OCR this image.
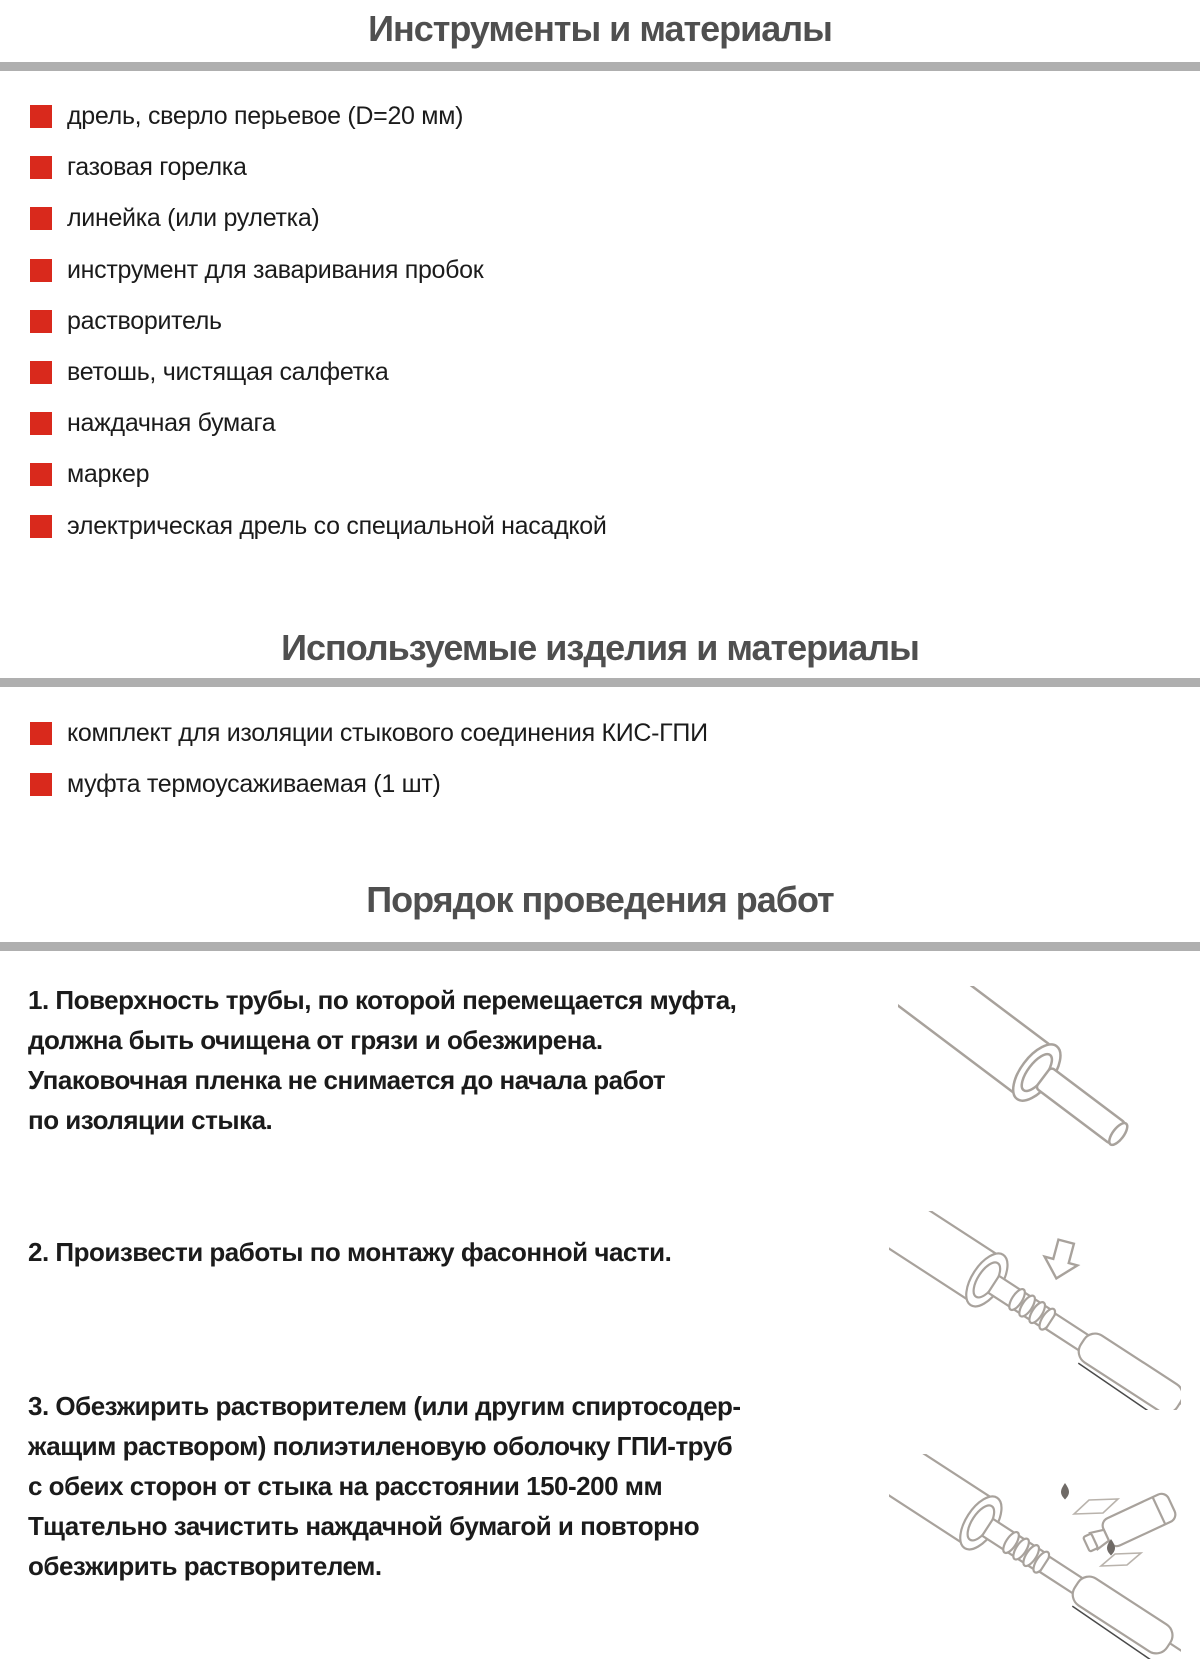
Инструменты и материалы
дрель, сверло перьевое (D=20 мм)
газовая горелка
линейка (или рулетка)
инструмент для заваривания пробок
растворитель
ветошь, чистящая салфетка
наждачная бумага
маркер
электрическая дрель со специальной насадкой
Используемые изделия и материалы
комплект для изоляции стыкового соединения КИС-ГПИ
муфта термоусаживаемая (1 шт)
Порядок проведения работ
1. Поверхность трубы, по которой перемещается муфта,
должна быть очищена от грязи и обезжирена.
Упаковочная пленка не снимается до начала работ
по изоляции стыка.
2. Произвести работы по монтажу фасонной части.
3. Обезжирить растворителем (или другим спиртосодер-
жащим раствором) полиэтиленовую оболочку ГПИ-труб
с обеих сторон от стыка на расстоянии 150-200 мм
Тщательно зачистить наждачной бумагой и повторно
обезжирить растворителем.
